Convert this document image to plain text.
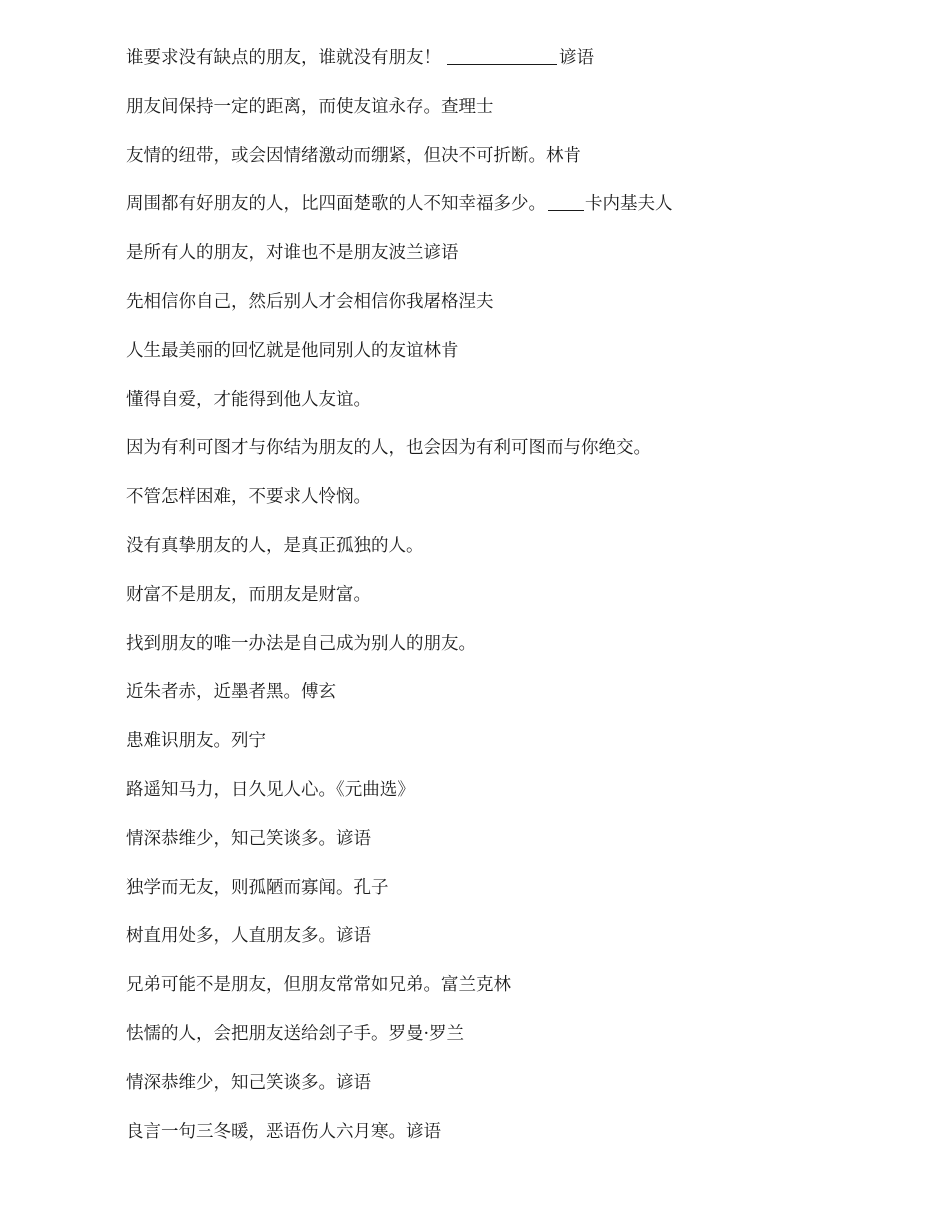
谁要求没有缺点的朋友，谁就没有朋友！	谚语
朋友间保持一定的距离，而使友谊永存。查理士
友情的纽带，或会因情绪激动而绷紧，但决不可折断。林肯
周围都有好朋友的人，比四面楚歌的人不知幸福多少。 卡内基夫人
是所有人的朋友，对谁也不是朋友波兰谚语
先相信你自己，然后别人才会相信你我屠格涅夫
人生最美丽的回忆就是他同别人的友谊林肯
懂得自爱，才能得到他人友谊。
因为有利可图才与你结为朋友的人，也会因为有利可图而与你绝交。
不管怎样困难，不要求人怜悯。
没有真挚朋友的人，是真正孤独的人。
财富不是朋友，而朋友是财富。
找到朋友的唯一办法是自己成为别人的朋友。
近朱者赤，近墨者黑。傅玄
患难识朋友。列宁
路遥知马力，日久见人心。《元曲选》
情深恭维少，知己笑谈多。谚语
独学而无友，则孤陋而寡闻。孔子
树直用处多，人直朋友多。谚语
兄弟可能不是朋友，但朋友常常如兄弟。富兰克林
怯懦的人，会把朋友送给刽子手。罗曼·罗兰
情深恭维少，知己笑谈多。谚语
良言一句三冬暖，恶语伤人六月寒。谚语
